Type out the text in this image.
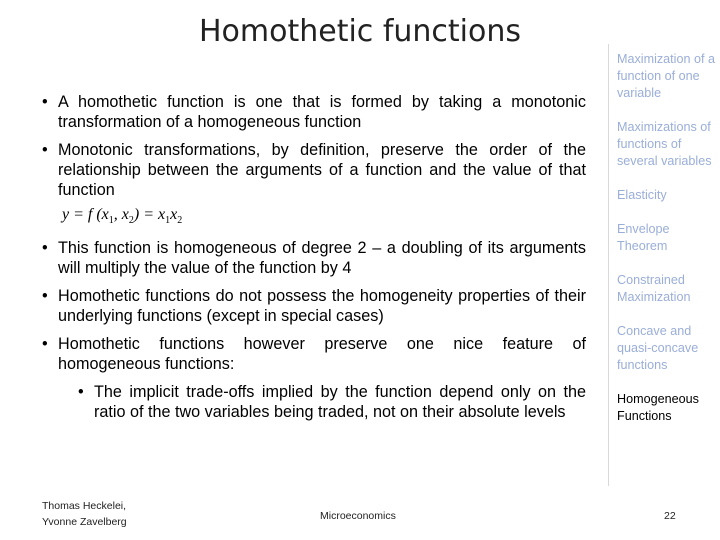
Homothetic functions
• A homothetic function is one that is formed by taking a monotonic transformation of a homogeneous function
• Monotonic transformations, by definition, preserve the order of the relationship between the arguments of a function and the value of that function
y = f ($x_1$, $x_2) = x_1x_2$
• This function is homogeneous of degree 2 – a doubling of its arguments will multiply the value of the function by 4
• Homothetic functions do not possess the homogeneity properties of their underlying functions (except in special cases)
• Homothetic functions however preserve one nice feature of homogeneous functions:
• The implicit trade-offs implied by the function depend only on the ratio of the two variables being traded, not on their absolute levels
Maximization of a function of one variable
Maximizations of functions of several variables
Elasticity
Envelope Theorem
Constrained Maximization
Concave and quasi-concave functions
Homogeneous Functions
Thomas Heckelei,
Yvonne Zavelberg	Microeconomics	22
